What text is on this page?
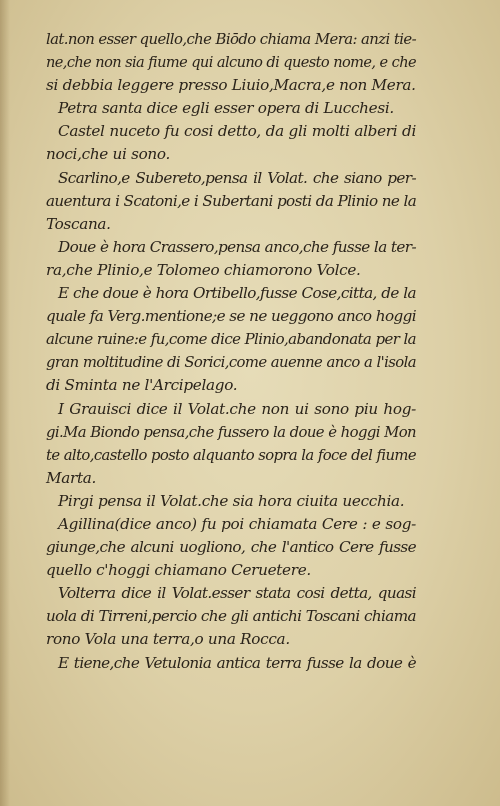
lat.non esser quello,che Biōdo chiama Mera: anzi tie-
ne,che non sia fiume qui alcuno di questo nome, e che
si debbia leggere presso Liuio,Macra,e non Mera.
Petra santa dice egli esser opera di Lucchesi.
Castel nuceto fu cosi detto, da gli molti alberi di
noci,che ui sono.
Scarlino,e Subereto,pensa il Volat. che siano per-
auentura i Scatoni,e i Subertani posti da Plinio ne la
Toscana.
Doue è hora Crassero,pensa anco,che fusse la ter-
ra,che Plinio,e Tolomeo chiamorono Volce.
E che doue è hora Ortibello,fusse Cose,citta, de la
quale fa Verg.mentione;e se ne ueggono anco hoggi
alcune ruine:e fu,come dice Plinio,abandonata per la
gran moltitudine di Sorici,come auenne anco a l'isola
di Sminta ne l'Arcipelago.
I Grauisci dice il Volat.che non ui sono piu hog-
gi.Ma Biondo pensa,che fussero la doue è hoggi Mon
te alto,castello posto alquanto sopra la foce del fiume
Marta.
Pirgi pensa il Volat.che sia hora ciuita uecchia.
Agillina(dice anco) fu poi chiamata Cere : e sog-
giunge,che alcuni uogliono, che l'antico Cere fusse
quello c'hoggi chiamano Ceruetere.
Volterra dice il Volat.esser stata cosi detta, quasi
uola di Tirreni,percio che gli antichi Toscani chiama
rono Vola una terra,o una Rocca.
E tiene,che Vetulonia antica terra fusse la doue è
